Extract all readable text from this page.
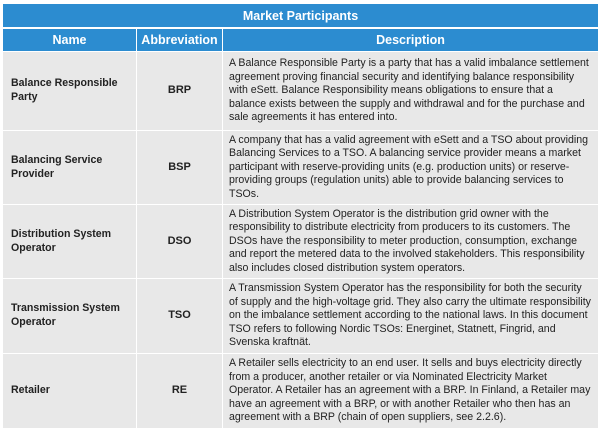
Market Participants		
Name	Abbreviation	Description
Balance Responsible Party	BRP	A Balance Responsible Party is a party that has a valid imbalance settlement agreement proving financial security and identifying balance responsibility with eSett. Balance Responsibility means obligations to ensure that a balance exists between the supply and withdrawal and for the purchase and sale agreements it has entered into.
Balancing Service Provider	BSP	A company that has a valid agreement with eSett and a TSO about providing Balancing Services to a TSO. A balancing service provider means a market participant with reserve-providing units (e.g. production units) or reserve-providing groups (regulation units) able to provide balancing services to TSOs.
Distribution System Operator	DSO	A Distribution System Operator is the distribution grid owner with the responsibility to distribute electricity from producers to its customers. The DSOs have the responsibility to meter production, consumption, exchange and report the metered data to the involved stakeholders. This responsibility also includes closed distribution system operators.
Transmission System Operator	TSO	A Transmission System Operator has the responsibility for both the security of supply and the high-voltage grid. They also carry the ultimate responsibility on the imbalance settlement according to the national laws. In this document TSO refers to following Nordic TSOs: Energinet, Statnett, Fingrid, and Svenska kraftnät.
Retailer	RE	A Retailer sells electricity to an end user. It sells and buys electricity directly from a producer, another retailer or via Nominated Electricity Market Operator. A Retailer has an agreement with a BRP. In Finland, a Retailer may have an agreement with a BRP, or with another Retailer who then has an agreement with a BRP (chain of open suppliers, see 2.2.6).
